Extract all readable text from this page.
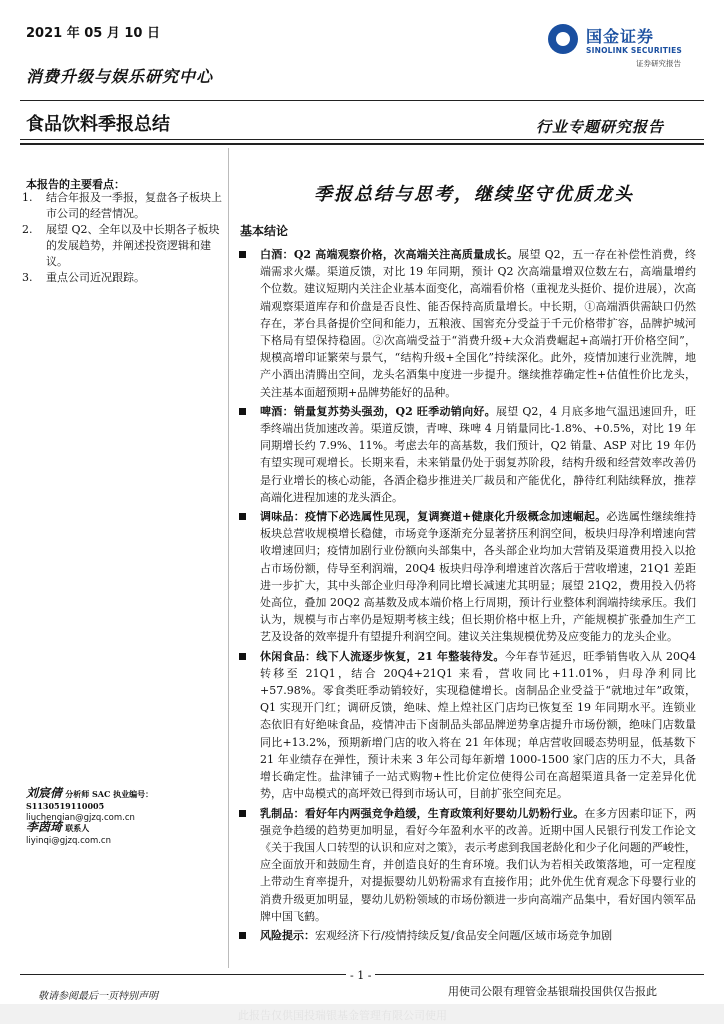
2021 年 05 月 10 日
消费升级与娱乐研究中心
食品饮料季报总结
国金证券
SINOLINK SECURITIES
证券研究报告
行业专题研究报告
本报告的主要看点：
1. 结合年报及一季报，复盘各子板块上市公司的经营情况。
2. 展望 Q2、全年以及中长期各子板块的发展趋势，并阐述投资逻辑和建议。
3. 重点公司近况跟踪。
刘宸倩 分析师 SAC 执业编号：S1130519110005
liuchenqian@gjzq.com.cn
李茵琦 联系人
liyinqi@gjzq.com.cn
季报总结与思考，继续坚守优质龙头
基本结论
白酒：Q2 高端观察价格，次高端关注高质量成长。展望 Q2，五一存在补偿性消费，终端需求火爆。渠道反馈，对比 19 年同期，预计 Q2 次高端量增双位数左右，高端量增约个位数。建议短期内关注企业基本面变化，高端看价格（重视龙头挺价、提价进展），次高端观察渠道库存和价盘是否良性、能否保持高质量增长。中长期，①高端酒供需缺口仍然存在，茅台具备提价空间和能力，五粮液、国窖充分受益于千元价格带扩容，品牌护城河下格局有望保持稳固。②次高端受益于“消费升级+大众消费崛起+高端打开价格空间”，规模高增印证繁荣与景气，“结构升级+全国化”持续深化。此外，疫情加速行业洗牌，地产小酒出清腾出空间，龙头名酒集中度进一步提升。继续推荐确定性+估值性价比龙头，关注基本面超预期+品牌势能好的品种。
啤酒：销量复苏势头强劲，Q2 旺季动销向好。展望 Q2，4 月底多地气温迅速回升，旺季终端出货加速改善。渠道反馈，青啤、珠啤 4 月销量同比-1.8%、+0.5%，对比 19 年同期增长约 7.9%、11%。考虑去年的高基数，我们预计，Q2 销量、ASP 对比 19 年仍有望实现可观增长。长期来看，未来销量仍处于弱复苏阶段，结构升级和经营效率改善仍是行业增长的核心动能，各酒企稳步推进关厂裁员和产能优化，静待红利陆续释放，推荐高端化进程加速的龙头酒企。
调味品：疫情下必选属性见现，复调赛道+健康化升级概念加速崛起。必选属性继续维持板块总营收规模增长稳健，市场竞争逐渐充分显著挤压利润空间，板块归母净利增速向营收增速回归；疫情加剧行业份额向头部集中，各头部企业均加大营销及渠道费用投入以抢占市场份额，侍导至利润端，20Q4 板块归母净利增速首次落后于营收增速，21Q1 差距进一步扩大，其中头部企业归母净利同比增长减速尤其明显；展望 21Q2，费用投入仍将处高位，叠加 20Q2 高基数及成本端价格上行周期，预计行业整体利润端持续承压。我们认为，规模与市占率仍是短期考核主线；但长期价格中枢上升，产能规模扩张叠加生产工艺及设备的效率提升有望提升利润空间。建议关注集规模优势及应变能力的龙头企业。
休闲食品：线下人流逐步恢复，21 年整装待发。今年春节延迟，旺季销售收入从 20Q4 转移至 21Q1，结合 20Q4+21Q1 来看，营收同比+11.01%，归母净利同比+57.98%。零食类旺季动销较好，实现稳健增长。卤制品企业受益于“就地过年”政策，Q1 实现开门红；调研反馈，绝味、煌上煌社区门店均已恢复至 19 年同期水平。连锁业态依旧有好绝味食品，疫情冲击下卤制品头部品牌逆势拿店提升市场份额，绝味门店数量同比+13.2%，预期新增门店的收入将在 21 年体现；单店营收回暖态势明显，低基数下 21 年业绩存在弹性，预计未来 3 年公司每年新增 1000-1500 家门店的压力不大，具备增长确定性。盐津铺子一站式购物+性比价定位使得公司在高超渠道具备一定差异化优势，店中岛模式的高坪效已得到市场认可，目前扩张空间充足。
乳制品：看好年内两强竞争趋缓，生育政策利好婴幼儿奶粉行业。在多方因素印证下，两强竞争趋缓的趋势更加明显，看好今年盈利水平的改善。近期中国人民银行刊发工作论文《关于我国人口转型的认识和应对之策》，表示考虑到我国老龄化和少子化问题的严峻性，应全面放开和鼓励生育，并创造良好的生育环境。我们认为若相关政策落地，可一定程度上带动生育率提升，对提振婴幼儿奶粉需求有直接作用；此外优生优育观念下母婴行业的消费升级更加明显，婴幼儿奶粉领域的市场份额进一步向高端产品集中，看好国内领军品牌中国飞鹤。
风险提示：宏观经济下行/疫情持续反复/食品安全问题/区域市场竞争加剧
- 1 -
敬请参阅最后一页特别声明	用使司公限有理管金基银瑞投国供仅告报此
此报告仅供国投瑞银基金管理有限公司使用
